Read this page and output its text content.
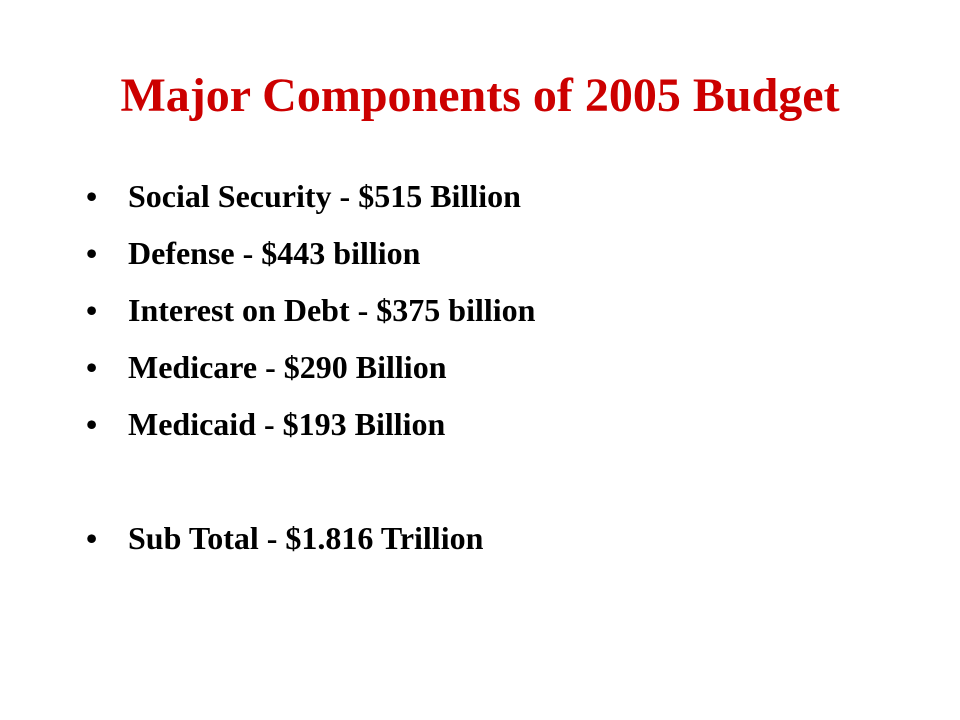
Major Components of 2005 Budget
• Social Security - $515 Billion
• Defense - $443 billion
• Interest on Debt - $375 billion
• Medicare - $290 Billion
• Medicaid - $193 Billion
• Sub Total - $1.816 Trillion
